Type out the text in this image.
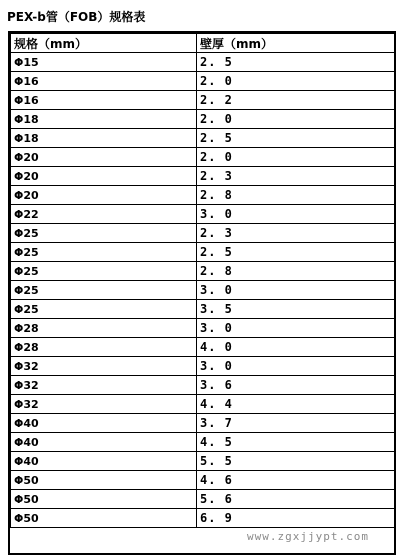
PEX-b管（FOB）规格表
规格（mm）	壁厚（mm）
Φ15	2. 5
Φ16	2. 0
Φ16	2. 2
Φ18	2. 0
Φ18	2. 5
Φ20	2. 0
Φ20	2. 3
Φ20	2. 8
Φ22	3. 0
Φ25	2. 3
Φ25	2. 5
Φ25	2. 8
Φ25	3. 0
Φ25	3. 5
Φ28	3. 0
Φ28	4. 0
Φ32	3. 0
Φ32	3. 6
Φ32	4. 4
Φ40	3. 7
Φ40	4. 5
Φ40	5. 5
Φ50	4. 6
Φ50	5. 6
Φ50	6. 9
www.zgxjjypt.com
